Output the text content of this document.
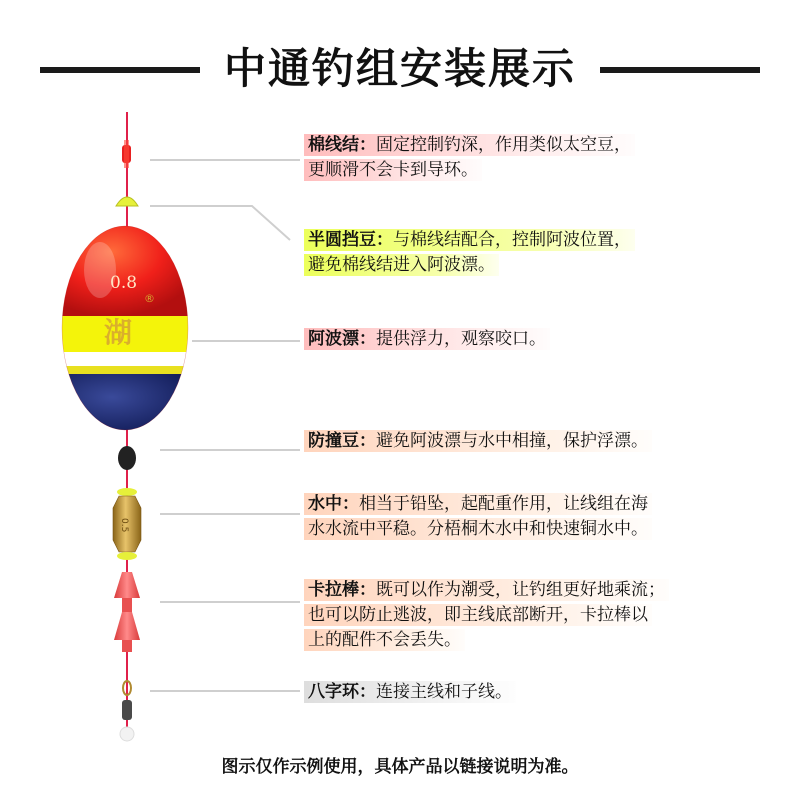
中通钓组安装展示
0.8
湖
®
0.5
棉线结：固定控制钓深，作用类似太空豆，
更顺滑不会卡到导环。
半圆挡豆：与棉线结配合，控制阿波位置，
避免棉线结进入阿波漂。
阿波漂：提供浮力，观察咬口。
防撞豆：避免阿波漂与水中相撞，保护浮漂。
水中：相当于铅坠，起配重作用，让线组在海
水水流中平稳。分梧桐木水中和快速铜水中。
卡拉棒：既可以作为潮受，让钓组更好地乘流；
也可以防止逃波，即主线底部断开，卡拉棒以
上的配件不会丢失。
八字环：连接主线和子线。
图示仅作示例使用，具体产品以链接说明为准。
